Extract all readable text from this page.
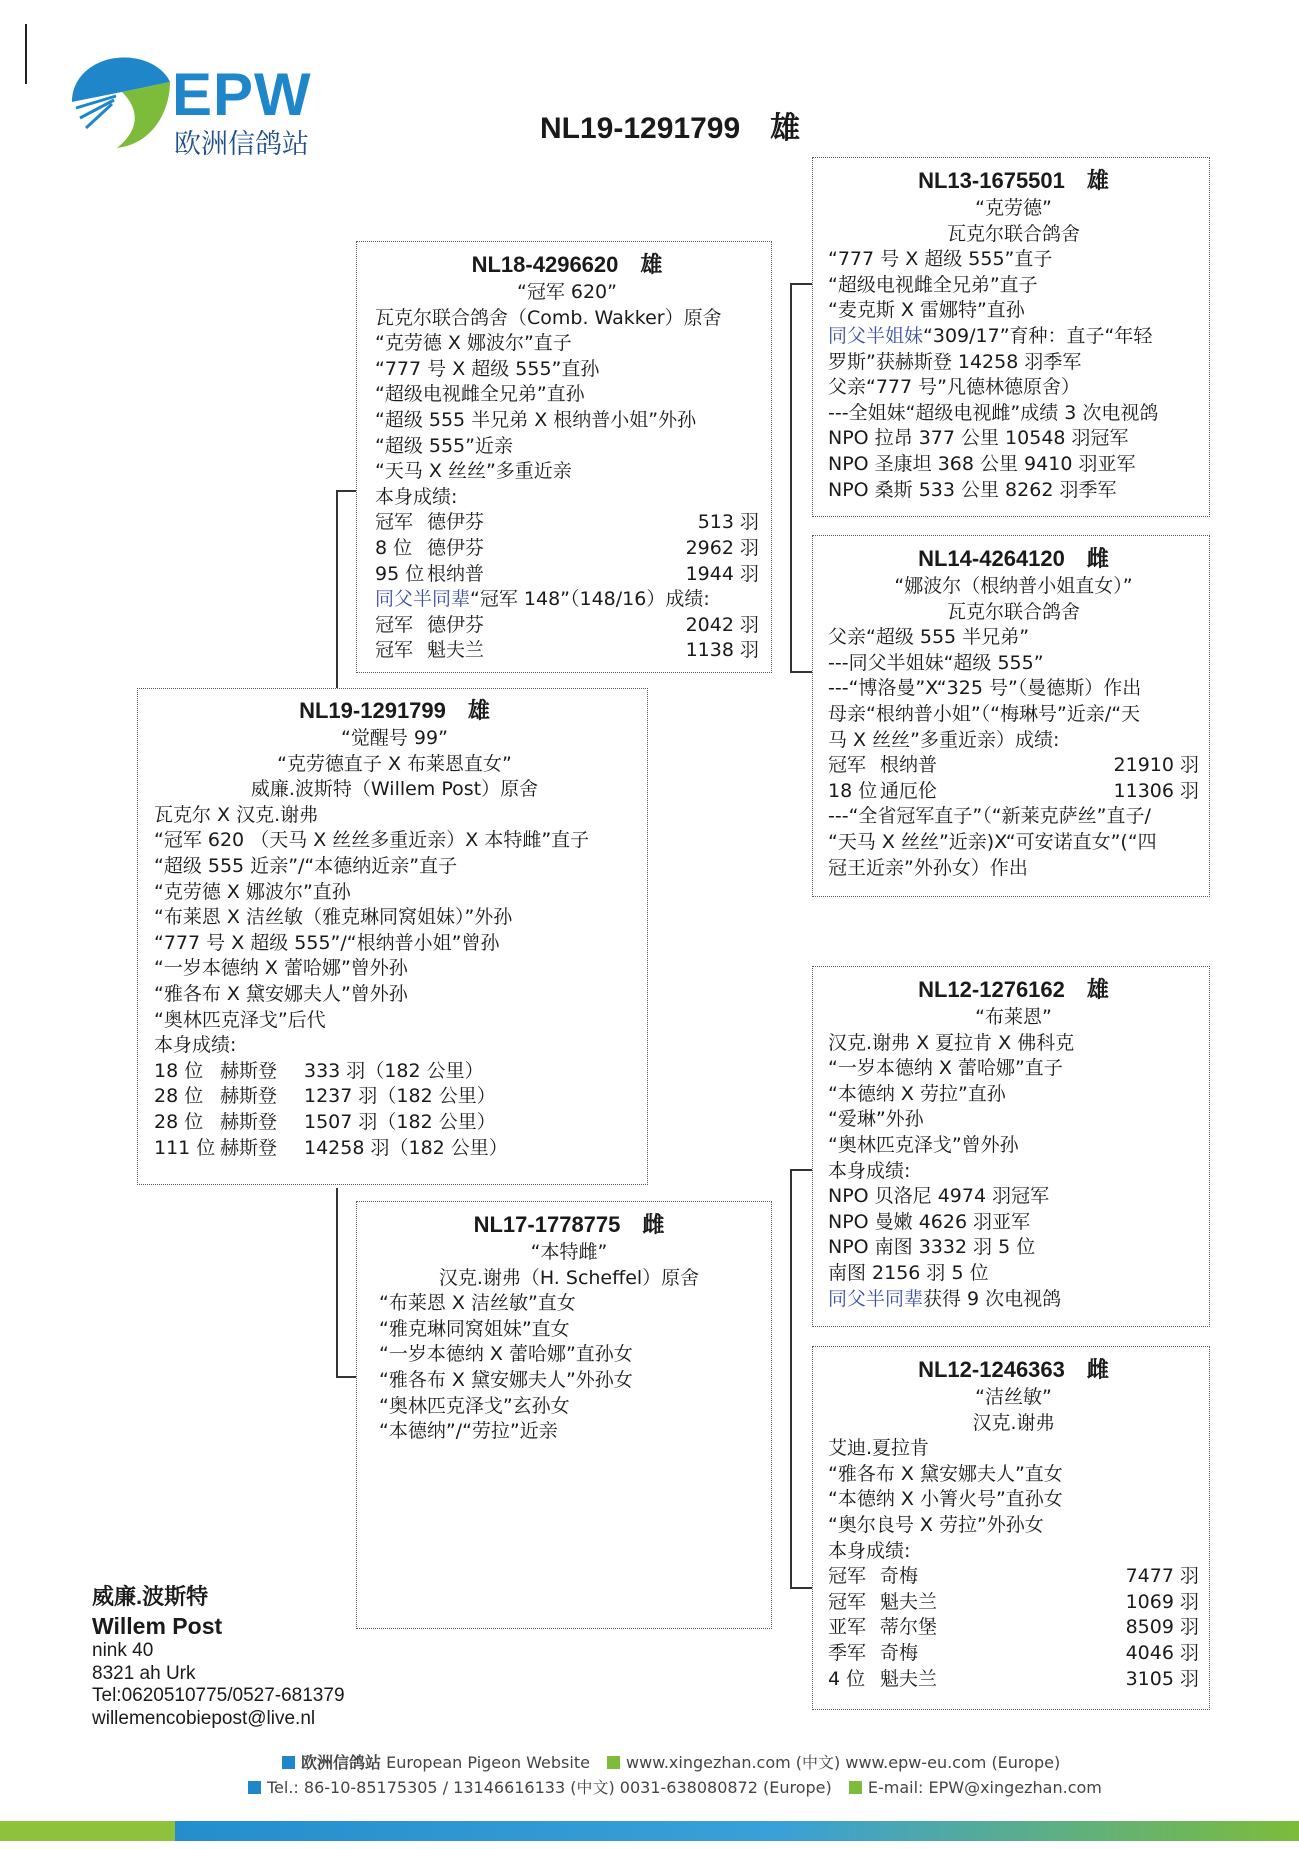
EPW
欧洲信鸽站	NL19-1291799　雄
NL18-4296620　雄
“冠军 620”
瓦克尔联合鸽舍（Comb. Wakker）原舍
“克劳德 X 娜波尔”直子
“777 号 X 超级 555”直孙
“超级电视雌全兄弟”直孙
“超级 555 半兄弟 X 根纳普小姐”外孙
“超级 555”近亲
“天马 X 丝丝”多重近亲
本身成绩:
冠军 德伊芬	513 羽
8 位 德伊芬	2962 羽
95 位 根纳普	1944 羽
同父半同辈“冠军 148”（148/16）成绩:
冠军 德伊芬	2042 羽
冠军 魁夫兰	1138 羽
NL19-1291799　雄
“觉醒号 99”
“克劳德直子 X 布莱恩直女”
威廉.波斯特（Willem Post）原舍
瓦克尔 X 汉克.谢弗
“冠军 620 （天马 X 丝丝多重近亲）X 本特雌”直子
“超级 555 近亲”/“本德纳近亲”直子
“克劳德 X 娜波尔”直孙
“布莱恩 X 洁丝敏（雅克琳同窝姐妹）”外孙
“777 号 X 超级 555”/“根纳普小姐”曾孙
“一岁本德纳 X 蕾哈娜”曾外孙
“雅各布 X 黛安娜夫人”曾外孙
“奥林匹克泽戈”后代
本身成绩:
18 位 赫斯登	333 羽（182 公里）
28 位 赫斯登	1237 羽（182 公里）
28 位 赫斯登	1507 羽（182 公里）
111 位 赫斯登	14258 羽（182 公里）
NL17-1778775　雌
“本特雌”
汉克.谢弗（H. Scheffel）原舍
“布莱恩 X 洁丝敏”直女
“雅克琳同窝姐妹”直女
“一岁本德纳 X 蕾哈娜”直孙女
“雅各布 X 黛安娜夫人”外孙女
“奥林匹克泽戈”玄孙女
“本德纳”/“劳拉”近亲
NL13-1675501　雄
“克劳德”
瓦克尔联合鸽舍
“777 号 X 超级 555”直子
“超级电视雌全兄弟”直子
“麦克斯 X 雷娜特”直孙
同父半姐妹“309/17”育种：直子“年轻
罗斯”获赫斯登 14258 羽季军
父亲“777 号”凡德林德原舍）
---全姐妹“超级电视雌”成绩 3 次电视鸽
NPO 拉昂 377 公里 10548 羽冠军
NPO 圣康坦 368 公里 9410 羽亚军
NPO 桑斯 533 公里 8262 羽季军
NL14-4264120　雌
“娜波尔（根纳普小姐直女）”
瓦克尔联合鸽舍
父亲“超级 555 半兄弟”
---同父半姐妹“超级 555”
---“博洛曼”X“325 号”（曼德斯）作出
母亲“根纳普小姐”（“梅琳号”近亲/“天
马 X 丝丝”多重近亲）成绩:
冠军 根纳普	21910 羽
18 位 通厄伦	11306 羽
---“全省冠军直子”（“新莱克萨丝”直子/
“天马 X 丝丝”近亲)X“可安诺直女”(“四
冠王近亲”外孙女）作出
NL12-1276162　雄
“布莱恩”
汉克.谢弗 X 夏拉肯 X 佛科克
“一岁本德纳 X 蕾哈娜”直子
“本德纳 X 劳拉”直孙
“爱琳”外孙
“奥林匹克泽戈”曾外孙
本身成绩:
NPO 贝洛尼 4974 羽冠军
NPO 曼嫩 4626 羽亚军
NPO 南图 3332 羽 5 位
南图 2156 羽 5 位
同父半同辈获得 9 次电视鸽
NL12-1246363　雌
“洁丝敏”
汉克.谢弗
艾迪.夏拉肯
“雅各布 X 黛安娜夫人”直女
“本德纳 X 小箐火号”直孙女
“奥尔良号 X 劳拉”外孙女
本身成绩:
冠军 奇梅	7477 羽
冠军 魁夫兰	1069 羽
亚军 蒂尔堡	8509 羽
季军 奇梅	4046 羽
4 位 魁夫兰	3105 羽
威廉.波斯特
Willem Post
nink 40
8321 ah Urk
Tel:0620510775/0527-681379
willemencobiepost@live.nl
欧洲信鸽站 European Pigeon Website www.xingezhan.com (中文) www.epw-eu.com (Europe)
Tel.: 86-10-85175305 / 13146616133 (中文) 0031-638080872 (Europe) E-mail: EPW@xingezhan.com
